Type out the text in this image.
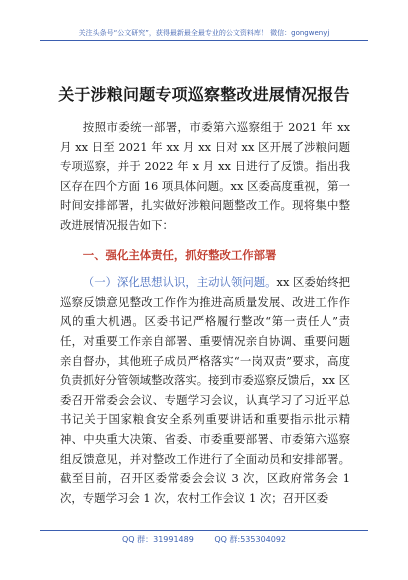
关注头条号“公文研究”，获得最新最全最专业的公文资料库！ 微信：gongwenyj
关于涉粮问题专项巡察整改进展情况报告

按照市委统一部署，市委第六巡察组于 2021 年 xx 月 xx 日至 2021 年 xx 月 xx 日对 xx 区开展了涉粮问题专项巡察，并于 2022 年 x 月 xx 日进行了反馈。指出我区存在四个方面 16 项具体问题。xx 区委高度重视，第一时间安排部署，扎实做好涉粮问题整改工作。现将集中整改进展情况报告如下：

一、强化主体责任，抓好整改工作部署

（一）深化思想认识，主动认领问题。xx 区委始终把巡察反馈意见整改工作作为推进高质量发展、改进工作作风的重大机遇。区委书记严格履行整改“第一责任人”责任，对重要工作亲自部署、重要情况亲自协调、重要问题亲自督办，其他班子成员严格落实“一岗双责”要求，高度负责抓好分管领域整改落实。接到市委巡察反馈后，xx 区委召开常委会会议、专题学习会议，认真学习了习近平总书记关于国家粮食安全系列重要讲话和重要指示批示精神、中央重大决策、省委、市委重要部署、市委第六巡察组反馈意见，并对整改工作进行了全面动员和安排部署。截至目前，召开区委常委会会议 3 次，区政府常务会 1 次，专题学习会 1 次，农村工作会议 1 次；召开区委

QQ 群：31991489	QQ 群:535304092
